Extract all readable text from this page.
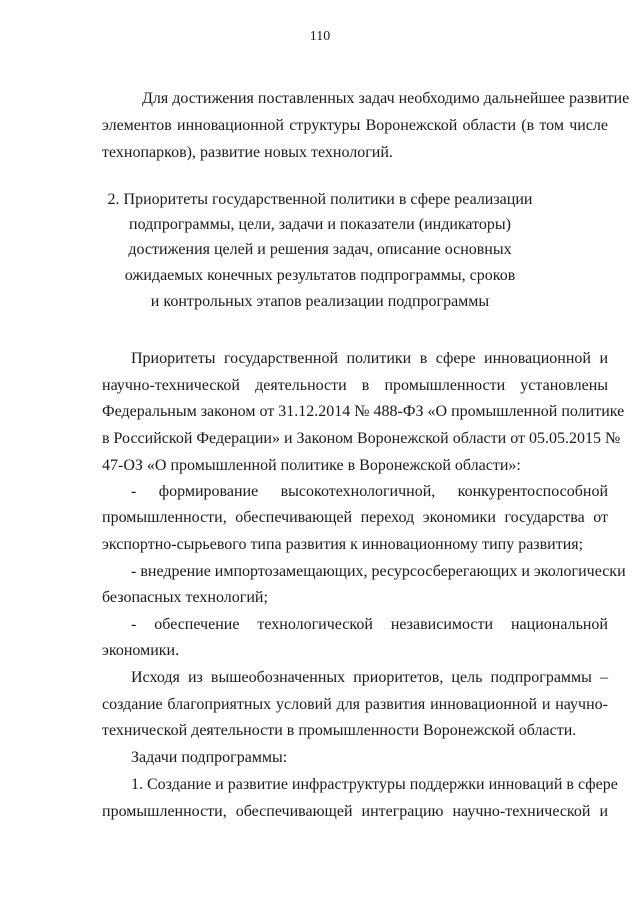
110
Для достижения поставленных задач необходимо дальнейшее развитие
элементов инновационной структуры Воронежской области (в том числе
технопарков), развитие новых технологий.
2. Приоритеты государственной политики в сфере реализации
подпрограммы, цели, задачи и показатели (индикаторы)
достижения целей и решения задач, описание основных
ожидаемых конечных результатов подпрограммы, сроков
и контрольных этапов реализации подпрограммы
Приоритеты государственной политики в сфере инновационной и
научно-технической деятельности в промышленности установлены
Федеральным законом от 31.12.2014 № 488-ФЗ «О промышленной политике
в Российской Федерации» и Законом Воронежской области от 05.05.2015 №
47-ОЗ «О промышленной политике в Воронежской области»:
- формирование высокотехнологичной, конкурентоспособной
промышленности, обеспечивающей переход экономики государства от
экспортно-сырьевого типа развития к инновационному типу развития;
- внедрение импортозамещающих, ресурсосберегающих и экологически
безопасных технологий;
- обеспечение технологической независимости национальной
экономики.
Исходя из вышеобозначенных приоритетов, цель подпрограммы –
создание благоприятных условий для развития инновационной и научно-
технической деятельности в промышленности Воронежской области.
Задачи подпрограммы:
1. Создание и развитие инфраструктуры поддержки инноваций в сфере
промышленности, обеспечивающей интеграцию научно-технической и
